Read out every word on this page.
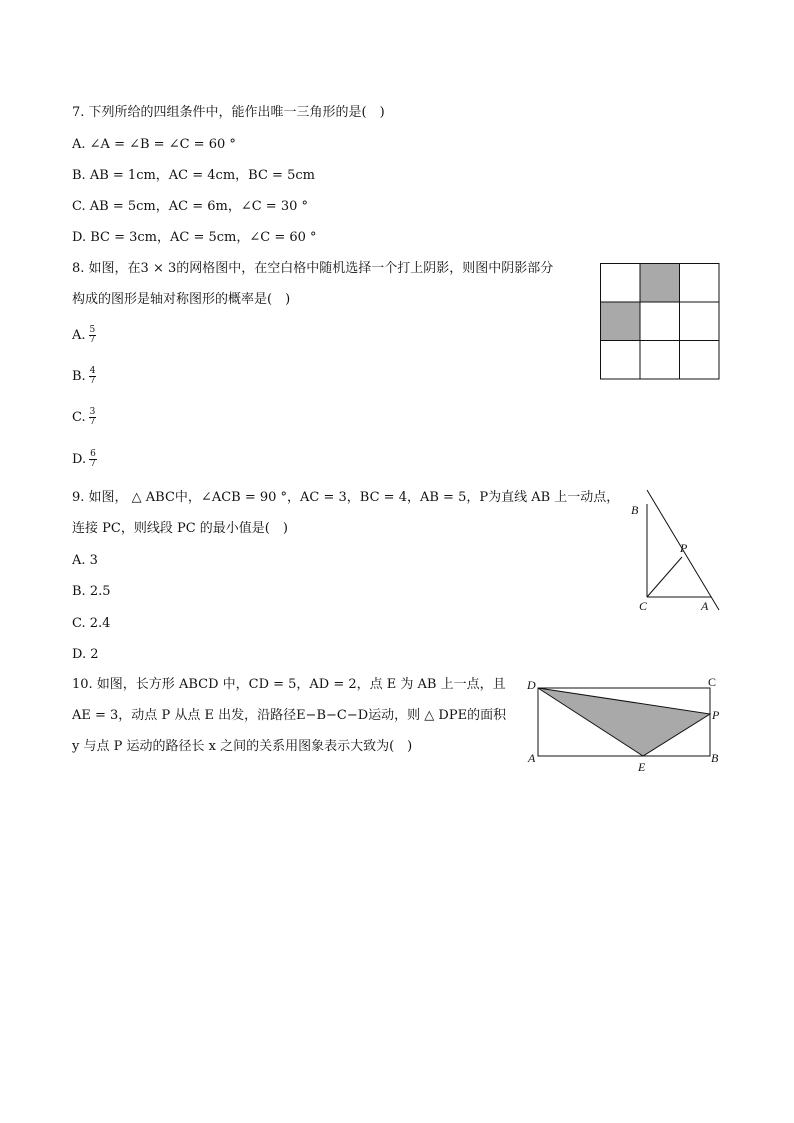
7. 下列所给的四组条件中，能作出唯一三角形的是(　)
A. ∠A = ∠B = ∠C = 60 °
B. AB = 1cm，AC = 4cm，BC = 5cm
C. AB = 5cm，AC = 6m，∠C = 30 °
D. BC = 3cm，AC = 5cm，∠C = 60 °
8. 如图，在3 × 3的网格图中，在空白格中随机选择一个打上阴影，则图中阴影部分
构成的图形是轴对称图形的概率是(　)
A. $\frac{5}{7}$
B. $\frac{4}{7}$
C. $\frac{3}{7}$
D. $\frac{6}{7}$
9. 如图， △ ABC中，∠ACB = 90 °，AC = 3，BC = 4，AB = 5，P为直线 AB 上一动点，
连接 PC，则线段 PC 的最小值是(　)
A. 3
B. 2.5
C. 2.4
D. 2
B
P
C	A
10. 如图，长方形 ABCD 中，CD = 5，AD = 2，点 E 为 AB 上一点，且
AE = 3，动点 P 从点 E 出发，沿路径E−B−C−D运动，则 △ DPE的面积
y 与点 P 运动的路径长 x 之间的关系用图象表示大致为(　)
D	C
P
A
E
B
